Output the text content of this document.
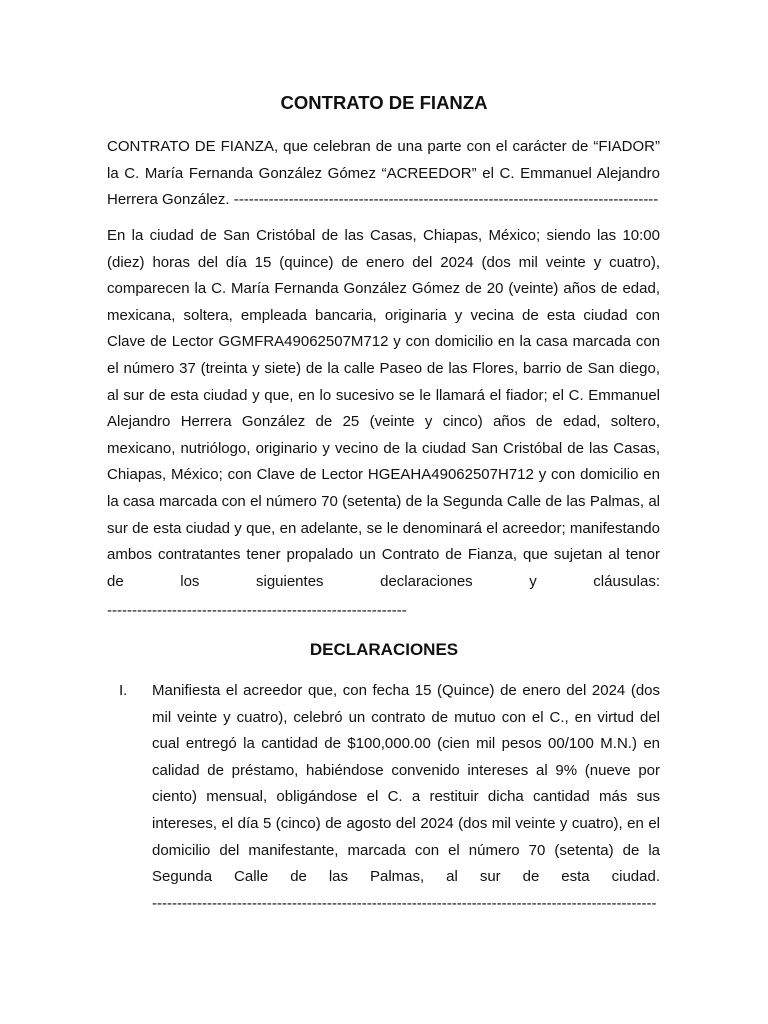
CONTRATO DE FIANZA

CONTRATO DE FIANZA, que celebran de una parte con el carácter de “FIADOR” la C. María Fernanda González Gómez “ACREEDOR” el C. Emmanuel Alejandro Herrera González. -------------------------------------------------------------------------------------

En la ciudad de San Cristóbal de las Casas, Chiapas, México; siendo las 10:00 (diez) horas del día 15 (quince) de enero del 2024 (dos mil veinte y cuatro), comparecen la C. María Fernanda González Gómez de 20 (veinte) años de edad, mexicana, soltera, empleada bancaria, originaria y vecina de esta ciudad con Clave de Lector GGMFRA49062507M712 y con domicilio en la casa marcada con el número 37 (treinta y siete) de la calle Paseo de las Flores, barrio de San diego, al sur de esta ciudad y que, en lo sucesivo se le llamará el fiador; el C. Emmanuel Alejandro Herrera González de 25 (veinte y cinco) años de edad, soltero, mexicano, nutriólogo, originario y vecino de la ciudad San Cristóbal de las Casas, Chiapas, México; con Clave de Lector HGEAHA49062507H712 y con domicilio en la casa marcada con el número 70 (setenta) de la Segunda Calle de las Palmas, al sur de esta ciudad y que, en adelante, se le denominará el acreedor; manifestando ambos contratantes tener propalado un Contrato de Fianza, que sujetan al tenor de los siguientes declaraciones y cláusulas:

------------------------------------------------------------
DECLARACIONES

I. Manifiesta el acreedor que, con fecha 15 (Quince) de enero del 2024 (dos mil veinte y cuatro), celebró un contrato de mutuo con el C., en virtud del cual entregó la cantidad de $100,000.00 (cien mil pesos 00/100 M.N.) en calidad de préstamo, habiéndose convenido intereses al 9% (nueve por ciento) mensual, obligándose el C. a restituir dicha cantidad más sus intereses, el día 5 (cinco) de agosto del 2024 (dos mil veinte y cuatro), en el domicilio del manifestante, marcada con el número 70 (setenta) de la Segunda Calle de las Palmas, al sur de esta ciudad.

-----------------------------------------------------------------------------------------------------
